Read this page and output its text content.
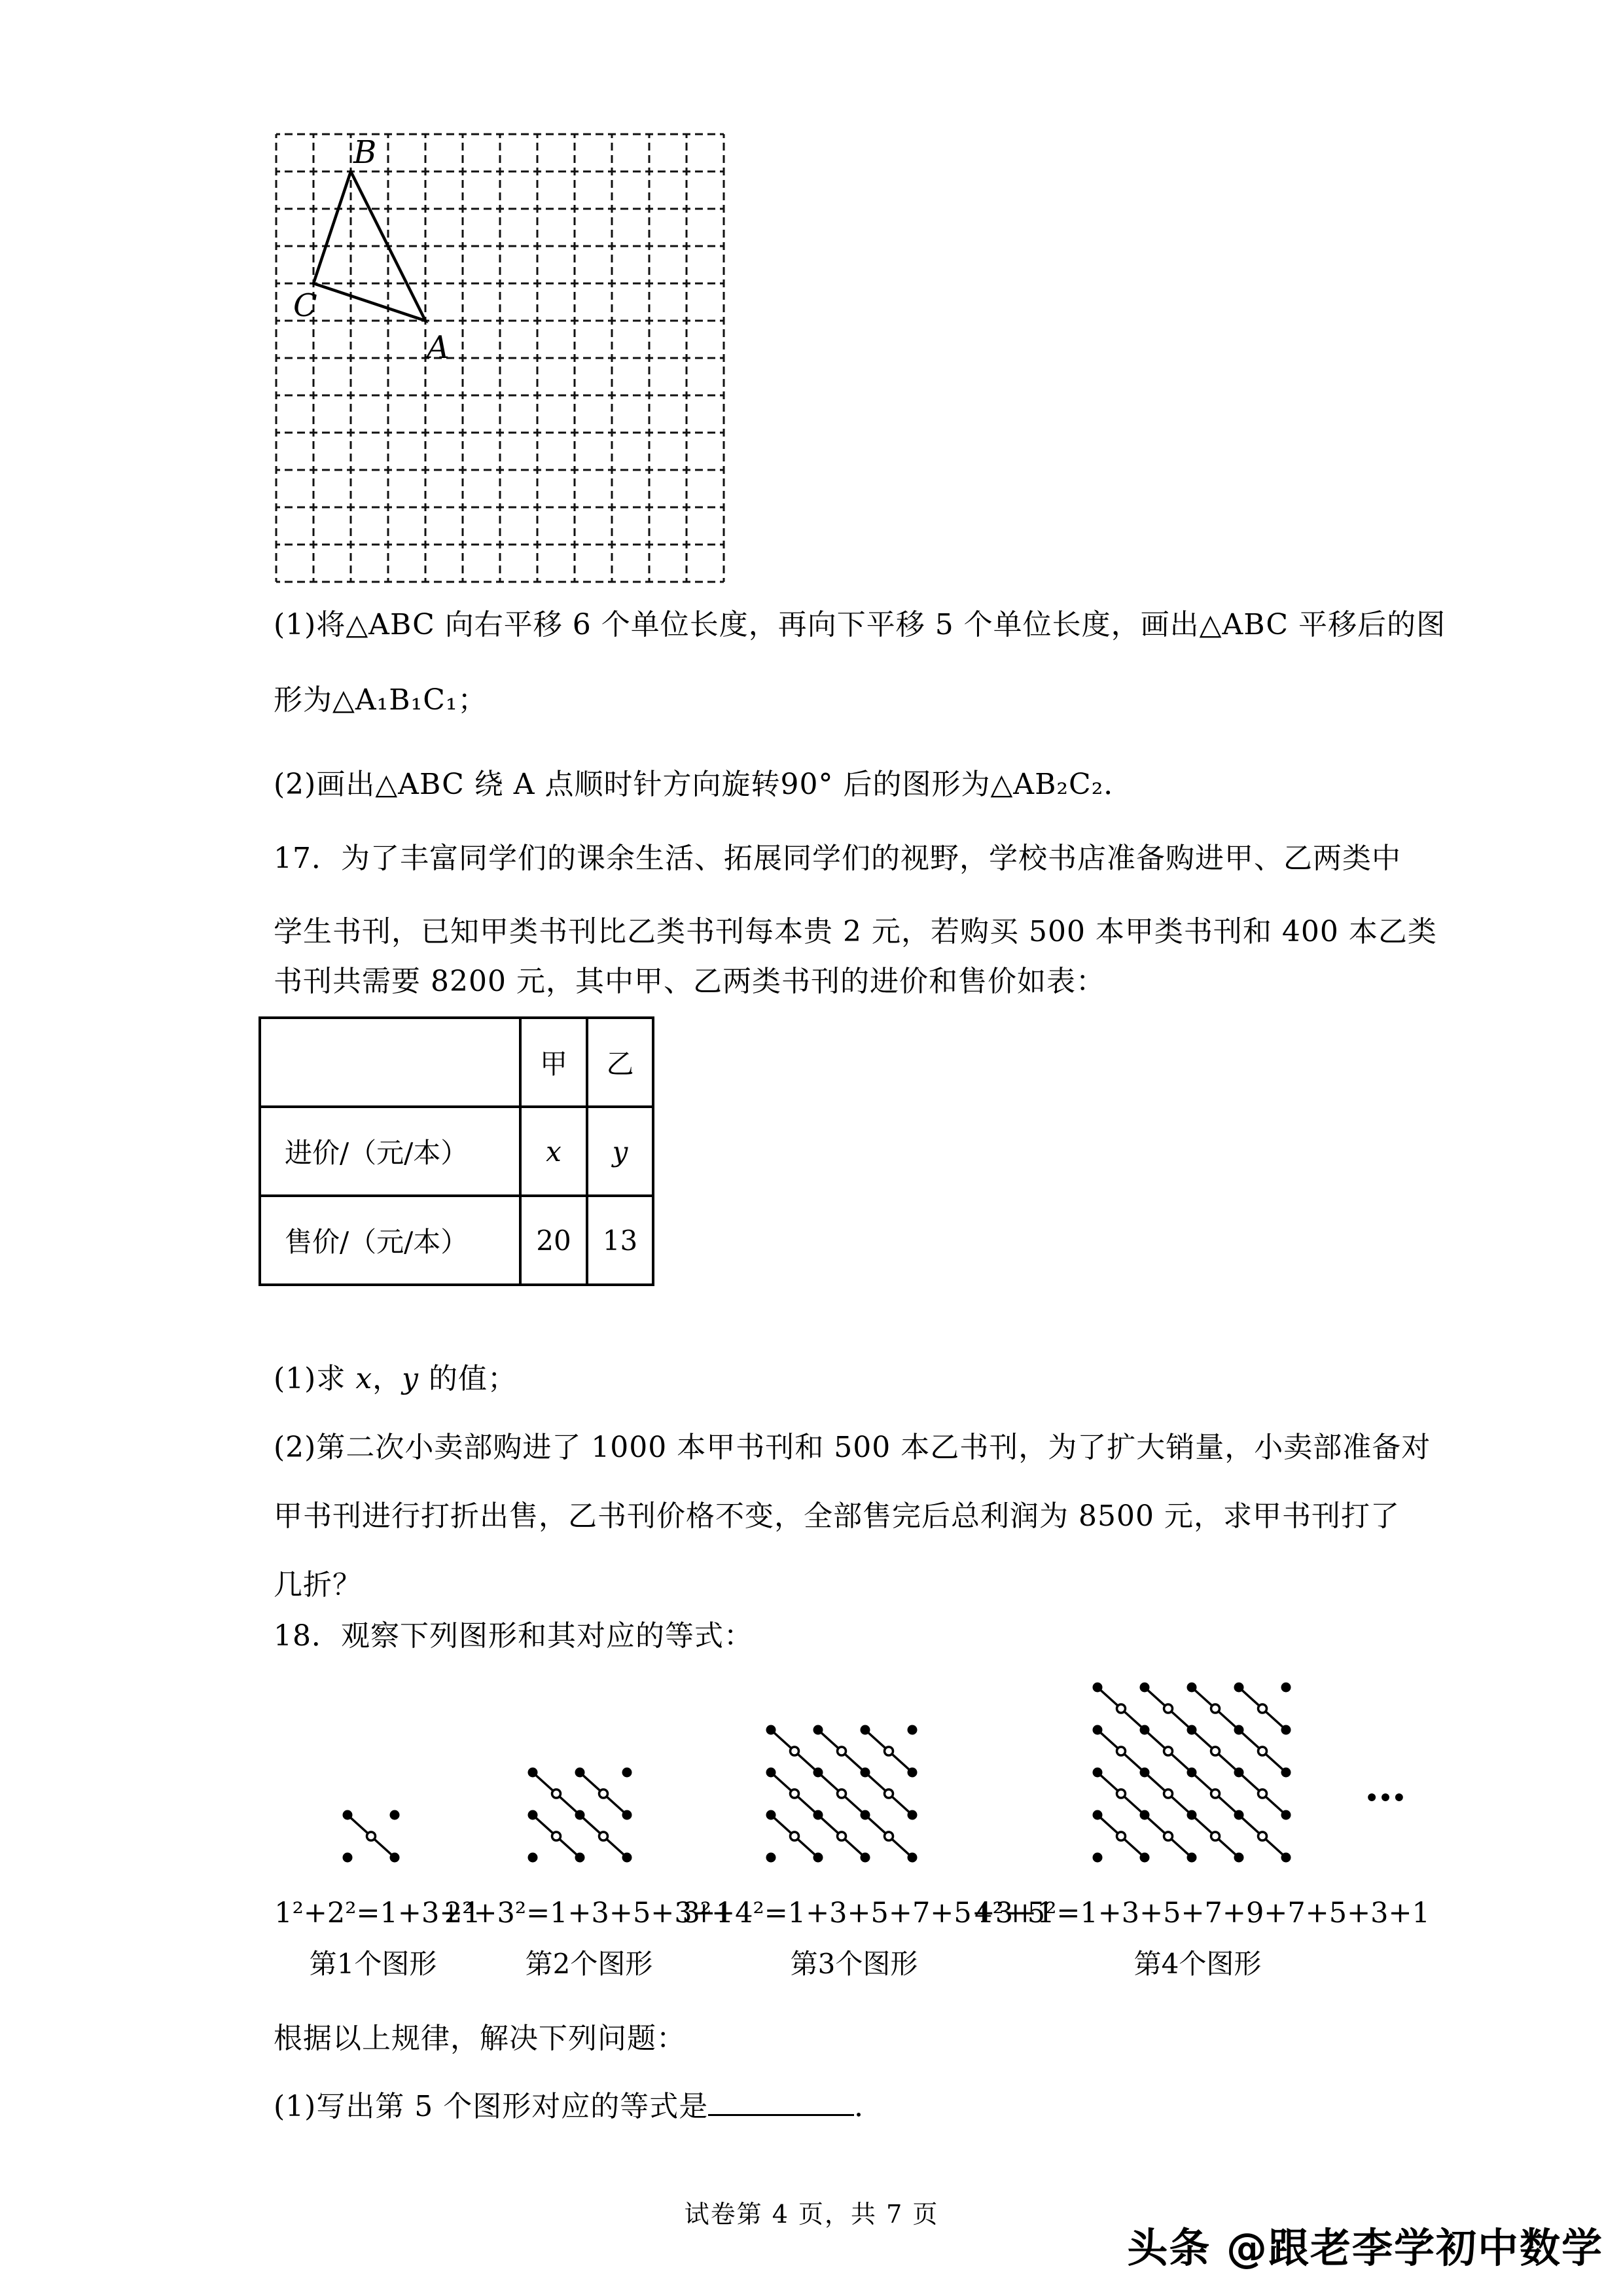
B
C
A
(1)将△ABC 向右平移 6 个单位长度，再向下平移 5 个单位长度，画出△ABC 平移后的图
形为△A₁B₁C₁；
(2)画出△ABC 绕 A 点顺时针方向旋转90° 后的图形为△AB₂C₂．
17．为了丰富同学们的课余生活、拓展同学们的视野，学校书店准备购进甲、乙两类中
学生书刊，已知甲类书刊比乙类书刊每本贵 2 元，若购买 500 本甲类书刊和 400 本乙类
书刊共需要 8200 元，其中甲、乙两类书刊的进价和售价如表：
	甲	乙
进价/（元/本）	x	y
售价/（元/本）	20	13
(1)求 x，y 的值；
(2)第二次小卖部购进了 1000 本甲书刊和 500 本乙书刊，为了扩大销量，小卖部准备对
甲书刊进行打折出售，乙书刊价格不变，全部售完后总利润为 8500 元，求甲书刊打了
几折？
18．观察下列图形和其对应的等式：
…
1²+2²=1+3+1
2²+3²=1+3+5+3+1
3²+4²=1+3+5+7+5+3+1
4²+5²=1+3+5+7+9+7+5+3+1
第1个图形	第2个图形	第3个图形	第4个图形
根据以上规律，解决下列问题：
(1)写出第 5 个图形对应的等式是	．
试卷第 4 页，共 7 页
头条 @跟老李学初中数学
